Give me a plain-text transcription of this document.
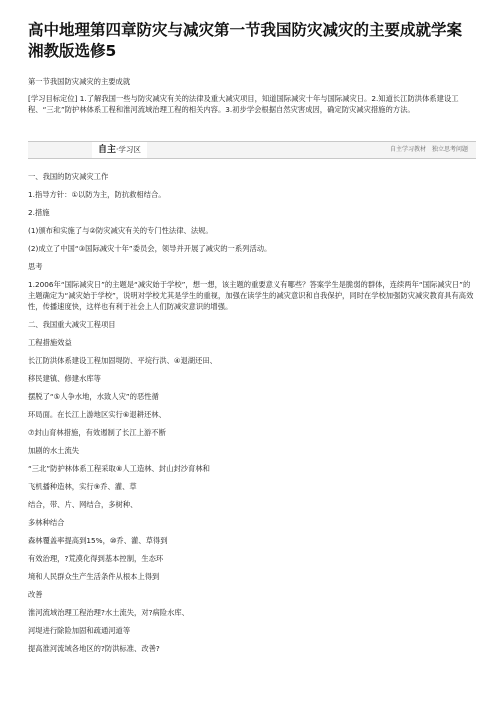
高中地理第四章防灾与减灾第一节我国防灾减灾的主要成就学案湘教版选修5

第一节我国防灾减灾的主要成就

[学习目标定位] 1.了解我国一些与防灾减灾有关的法律及重大减灾项目，知道国际减灾十年与国际减灾日。2.知道长江防洪体系建设工程、“三北”防护林体系工程和淮河流域治理工程的相关内容。3.初步学会根据自然灾害成因，确定防灾减灾措施的方法。

自主·学习区	自主学习教材　独立思考问题

一、我国的防灾减灾工作

1.指导方针：①以防为主，防抗救相结合。

2.措施

(1)颁布和实施了与②防灾减灾有关的专门性法律、法规。

(2)成立了中国“③国际减灾十年”委员会，领导并开展了减灾的一系列活动。

思考

1.2006年“国际减灾日”的主题是“减灾始于学校”，想一想，该主题的重要意义有哪些？答案学生是脆弱的群体，连续两年“国际减灾日”的主题确定为“减灾始于学校”，说明对学校尤其是学生的重视，加强在读学生的减灾意识和自我保护，同时在学校加强防灾减灾教育具有高效性，传播速度快，这样也有利于社会上人们防减灾意识的增强。

二、我国重大减灾工程项目

工程措施效益

长江防洪体系建设工程加固堤防、平垸行洪、④退湖还田、

移民建镇、修建水库等

摆脱了“⑤人争水地，水致人灾”的恶性循

环局面。在长江上游地区实行⑥退耕还林、

⑦封山育林措施，有效遏制了长江上游不断

加剧的水土流失

“三北”防护林体系工程采取⑧人工造林、封山封沙育林和

飞机播种造林，实行⑨乔、灌、草

结合，带、片、网结合，多树种、

多林种结合

森林覆盖率提高到15%，⑩乔、灌、草得到

有效治理，?荒漠化得到基本控制，生态环

境和人民群众生产生活条件从根本上得到

改善

淮河流域治理工程治理?水土流失，对?病险水库、

河堤进行除险加固和疏通河道等

提高淮河流域各地区的?防洪标准、改善?
